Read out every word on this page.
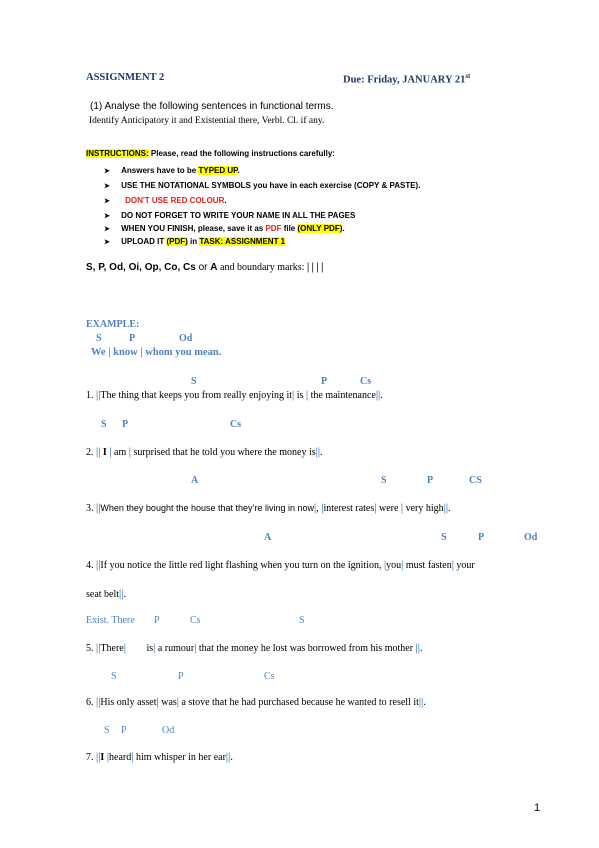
ASSIGNMENT 2	Due: Friday, JANUARY 21st
(1) Analyse the following sentences in functional terms.
Identify Anticipatory it and Existential there, Verbl. Cl. if any.
INSTRUCTIONS: Please, read the following instructions carefully:
➤ Answers have to be TYPED UP.
➤ USE THE NOTATIONAL SYMBOLS you have in each exercise (COPY & PASTE).
➤ DON'T USE RED COLOUR.
➤ DO NOT FORGET TO WRITE YOUR NAME IN ALL THE PAGES
➤ WHEN YOU FINISH, please, save it as PDF file (ONLY PDF).
➤ UPLOAD IT (PDF) in TASK: ASSIGNMENT 1
S, P, Od, Oi, Op, Co, Cs or A and boundary marks: | | | |
EXAMPLE:
S	P	Od
We | know | whom you mean.
S	P	Cs
1. ||The thing that keeps you from really enjoying it| is | the maintenance||.
S P	Cs
2. || I | am | surprised that he told you where the money is||.
A	S	P	CS
3. ||When they bought the house that they’re living in now|, |interest rates| were | very high||.
A	S	P	Od
4. ||If you notice the little red light flashing when you turn on the ignition, |you| must fasten| your
seat belt||.
Exist. There P	Cs	S
5. ||There| is| a rumour| that the money he lost was borrowed from his mother ||.
S	P	Cs
6. ||His only asset| was| a stove that he had purchased because he wanted to resell it||.
S P	Od
7. ||I |heard| him whisper in her ear||.
1
